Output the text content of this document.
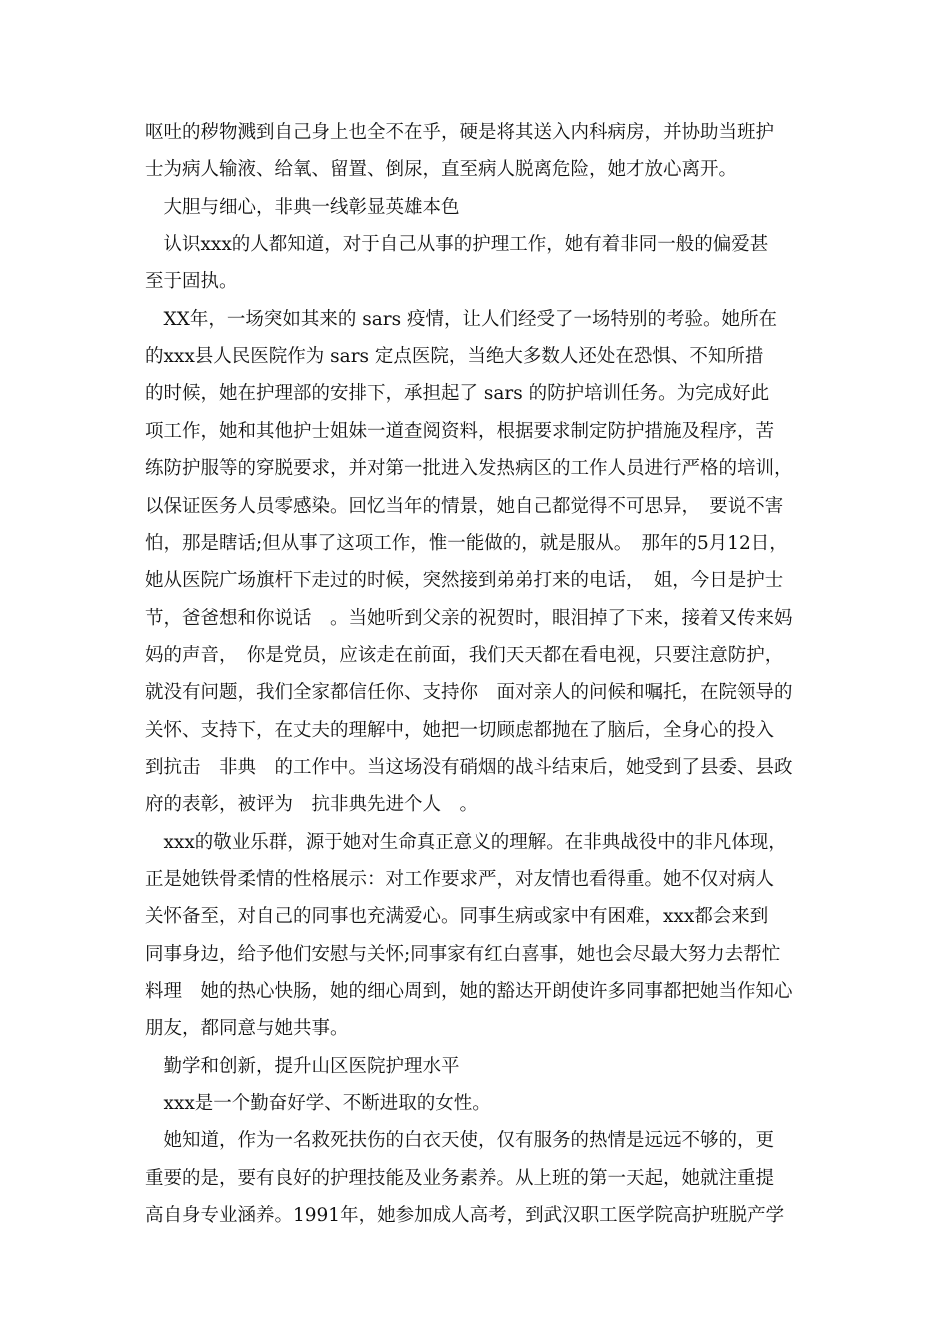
呕吐的秽物溅到自己身上也全不在乎，硬是将其送入内科病房，并协助当班护
士为病人输液、给氧、留置、倒尿，直至病人脱离危险，她才放心离开。
　大胆与细心，非典一线彰显英雄本色
　认识xxx的人都知道，对于自己从事的护理工作，她有着非同一般的偏爱甚
至于固执。
　XX年，一场突如其来的 sars 疫情，让人们经受了一场特别的考验。她所在
的xxx县人民医院作为 sars 定点医院，当绝大多数人还处在恐惧、不知所措
的时候，她在护理部的安排下，承担起了 sars 的防护培训任务。为完成好此
项工作，她和其他护士姐妹一道查阅资料，根据要求制定防护措施及程序，苦
练防护服等的穿脱要求，并对第一批进入发热病区的工作人员进行严格的培训，
以保证医务人员零感染。回忆当年的情景，她自己都觉得不可思异，　要说不害
怕，那是瞎话;但从事了这项工作，惟一能做的，就是服从。　那年的5月12日，
她从医院广场旗杆下走过的时候，突然接到弟弟打来的电话，　姐，今日是护士
节，爸爸想和你说话　。当她听到父亲的祝贺时，眼泪掉了下来，接着又传来妈
妈的声音，　你是党员，应该走在前面，我们天天都在看电视，只要注意防护，
就没有问题，我们全家都信任你、支持你　面对亲人的问候和嘱托，在院领导的
关怀、支持下，在丈夫的理解中，她把一切顾虑都抛在了脑后，全身心的投入
到抗击　非典　的工作中。当这场没有硝烟的战斗结束后，她受到了县委、县政
府的表彰，被评为　抗非典先进个人　。
　xxx的敬业乐群，源于她对生命真正意义的理解。在非典战役中的非凡体现，
正是她铁骨柔情的性格展示：对工作要求严，对友情也看得重。她不仅对病人
关怀备至，对自己的同事也充满爱心。同事生病或家中有困难，xxx都会来到
同事身边，给予他们安慰与关怀;同事家有红白喜事，她也会尽最大努力去帮忙
料理　她的热心快肠，她的细心周到，她的豁达开朗使许多同事都把她当作知心
朋友，都同意与她共事。
　勤学和创新，提升山区医院护理水平
　xxx是一个勤奋好学、不断进取的女性。
　她知道，作为一名救死扶伤的白衣天使，仅有服务的热情是远远不够的，更
重要的是，要有良好的护理技能及业务素养。从上班的第一天起，她就注重提
高自身专业涵养。1991年，她参加成人高考，到武汉职工医学院高护班脱产学
